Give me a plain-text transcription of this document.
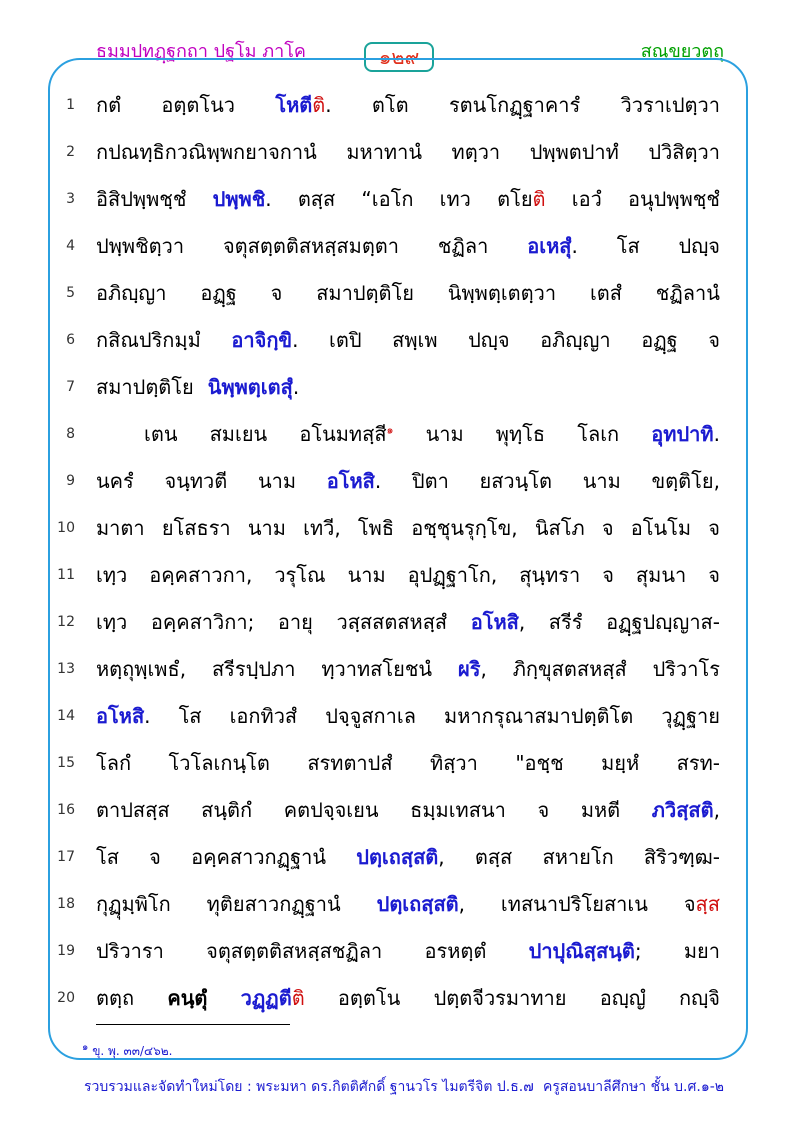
ธมฺมปทฏฺฐกถา ปฐโม ภาโค	๑๒๙	สณฺขยวตฺถุ
1 กตํ อตฺตโนว โหตีติ. ตโต รตนโกฏฺฐาคารํ วิวราเปตฺวา
2 กปณทฺธิกวณิพฺพกยาจกานํ มหาทานํ ทตฺวา ปพฺพตปาทํ ปวิสิตฺวา
3 อิสิปพฺพชฺชํ ปพฺพชิ. ตสฺส “เอโก เทว ตโยติ เอวํ อนุปพฺพชฺชํ
4 ปพฺพชิตฺวา จตุสตฺตติสหสฺสมตฺตา ชฏิลา อเหสุํ. โส ปญฺจ
5 อภิญฺญา อฏฺฐ จ สมาปตฺติโย นิพฺพตฺเตตฺวา เตสํ ชฏิลานํ
6 กสิณปริกมฺมํ อาจิกฺขิ. เตปิ สพฺเพ ปญฺจ อภิญฺญา อฏฺฐ จ
7 สมาปตฺติโย นิพฺพตฺเตสุํ.
8	เตน สมเยน อโนมทสฺสี$^๑$ นาม พุทฺโธ โลเก อุทปาทิ.
9 นครํ จนฺทวตี นาม อโหสิ. ปิตา ยสวนฺโต นาม ขตฺติโย,
10 มาตา ยโสธรา นาม เทวี, โพธิ อชฺชุนรุกฺโข, นิสโภ จ อโนโม จ
11 เทฺว อคฺคสาวกา, วรุโณ นาม อุปฏฺฐาโก, สุนฺทรา จ สุมนา จ
12 เทฺว อคฺคสาวิกา; อายุ วสฺสสตสหสฺสํ อโหสิ, สรีรํ อฏฺฐปญฺญาส-
13 หตฺถุพฺเพธํ, สรีรปฺปภา ทฺวาทสโยชนํ ผริ, ภิกฺขุสตสหสฺสํ ปริวาโร
14 อโหสิ. โส เอกทิวสํ ปจฺจูสกาเล มหากรุณาสมาปตฺติโต วุฏฺฐาย
15 โลกํ โวโลเกนฺโต สรทตาปสํ ทิสฺวา "อชฺช มยฺหํ สรท-
16 ตาปสสฺส สนฺติกํ คตปจฺจเยน ธมฺมเทสนา จ มหตี ภวิสฺสติ,
17 โส จ อคฺคสาวกฏฺฐานํ ปตฺเถสฺสติ, ตสฺส สหายโก สิริวฑฺฒ-
18 กุฏุมฺพิโก ทุติยสาวกฏฺฐานํ ปตฺเถสฺสติ, เทสนาปริโยสาเน จสฺส
19 ปริวารา จตุสตฺตติสหสฺสชฏิลา อรหตฺตํ ปาปุณิสฺสนฺติ; มยา
20 ตตฺถ คนฺตุํ วฏฺฏตีติ อตฺตโน ปตฺตจีวรมาทาย อญฺญํ กญฺจิ
$^๑$ ขุ. พุ. ๓๓/๔๖๒.
รวบรวมและจัดทำใหม่โดย : พระมหา ดร.กิตติศักดิ์ ฐานวโร ไมตรีจิต ป.ธ.๗ ครูสอนบาลีศึกษา ชั้น บ.ศ.๑-๒
